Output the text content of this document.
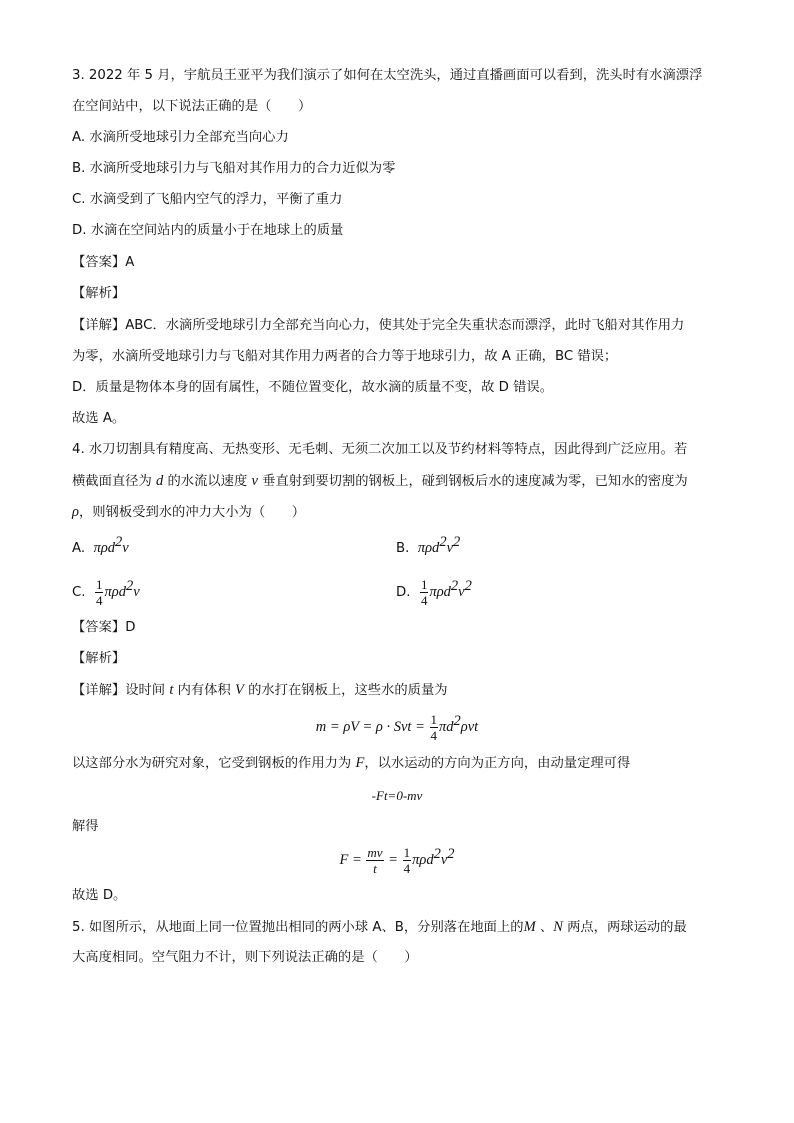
3. 2022 年 5 月，宇航员王亚平为我们演示了如何在太空洗头，通过直播画面可以看到，洗头时有水滴漂浮
在空间站中，以下说法正确的是（　　）
A. 水滴所受地球引力全部充当向心力
B. 水滴所受地球引力与飞船对其作用力的合力近似为零
C. 水滴受到了飞船内空气的浮力，平衡了重力
D. 水滴在空间站内的质量小于在地球上的质量
【答案】A
【解析】
【详解】ABC．水滴所受地球引力全部充当向心力，使其处于完全失重状态而漂浮，此时飞船对其作用力
为零，水滴所受地球引力与飞船对其作用力两者的合力等于地球引力，故 A 正确，BC 错误；
D．质量是物体本身的固有属性，不随位置变化，故水滴的质量不变，故 D 错误。
故选 A。
4. 水刀切割具有精度高、无热变形、无毛刺、无须二次加工以及节约材料等特点，因此得到广泛应用。若
横截面直径为 d 的水流以速度 v 垂直射到要切割的钢板上，碰到钢板后水的速度减为零，已知水的密度为
ρ，则钢板受到水的冲力大小为（　　）
A. πρd$^2$v	B. $\pi\rho d^2v^2$
C. $\frac{1}{4} \pi\rho d^2v$	D. $\frac{1}{4} \pi\rho d^2v^2$
【答案】D
【解析】
【详解】设时间 t 内有体积 V 的水打在钢板上，这些水的质量为
m = ρV = ρ · Svt = $\frac{1}{4} \pi d^2\rho vt$
以这部分水为研究对象，它受到钢板的作用力为 F，以水运动的方向为正方向，由动量定理可得
-Ft=0-mv
解得
$F = \frac{mv}{t} = \frac{1}{4} \pi\rho d^2v^2$
故选 D。
5. 如图所示，从地面上同一位置抛出相同的两小球 A、B，分别落在地面上的M 、N 两点，两球运动的最
大高度相同。空气阻力不计，则下列说法正确的是（　　）
